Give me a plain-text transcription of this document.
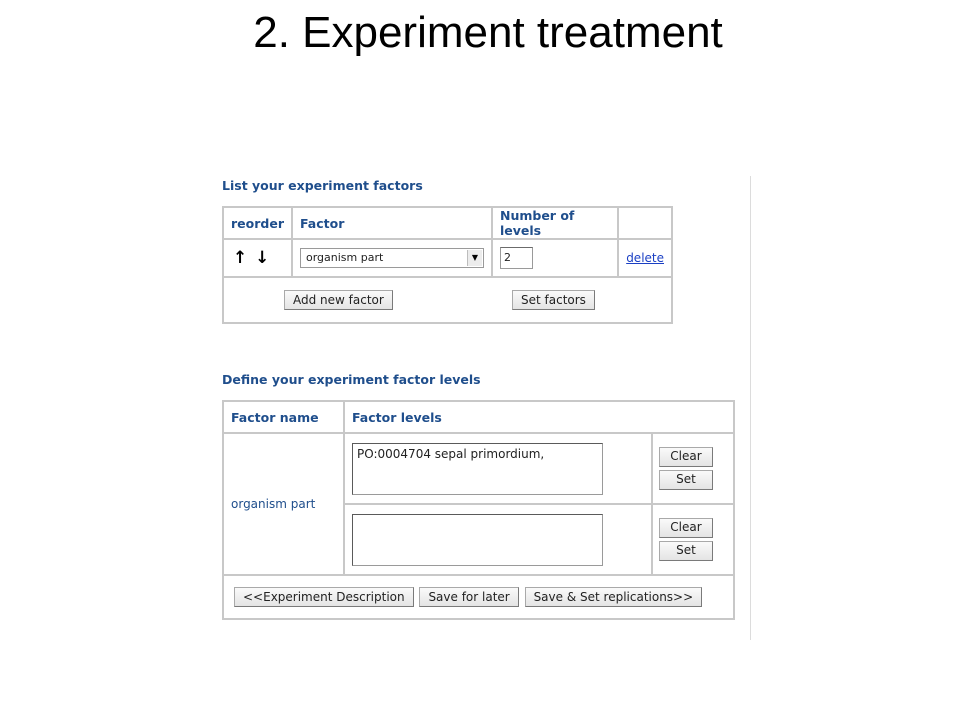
2. Experiment treatment
List your experiment factors
reorder	Factor	Number of levels	
↑ ↓	organism part ▼	2	delete

Add new factor Set factors			
Define your experiment factor levels
Factor name	Factor levels	
organism part	PO:0004704 sepal primordium,	Clear
Set

		Clear
Set

<<Experiment Description Save for later Save & Set replications>>		
